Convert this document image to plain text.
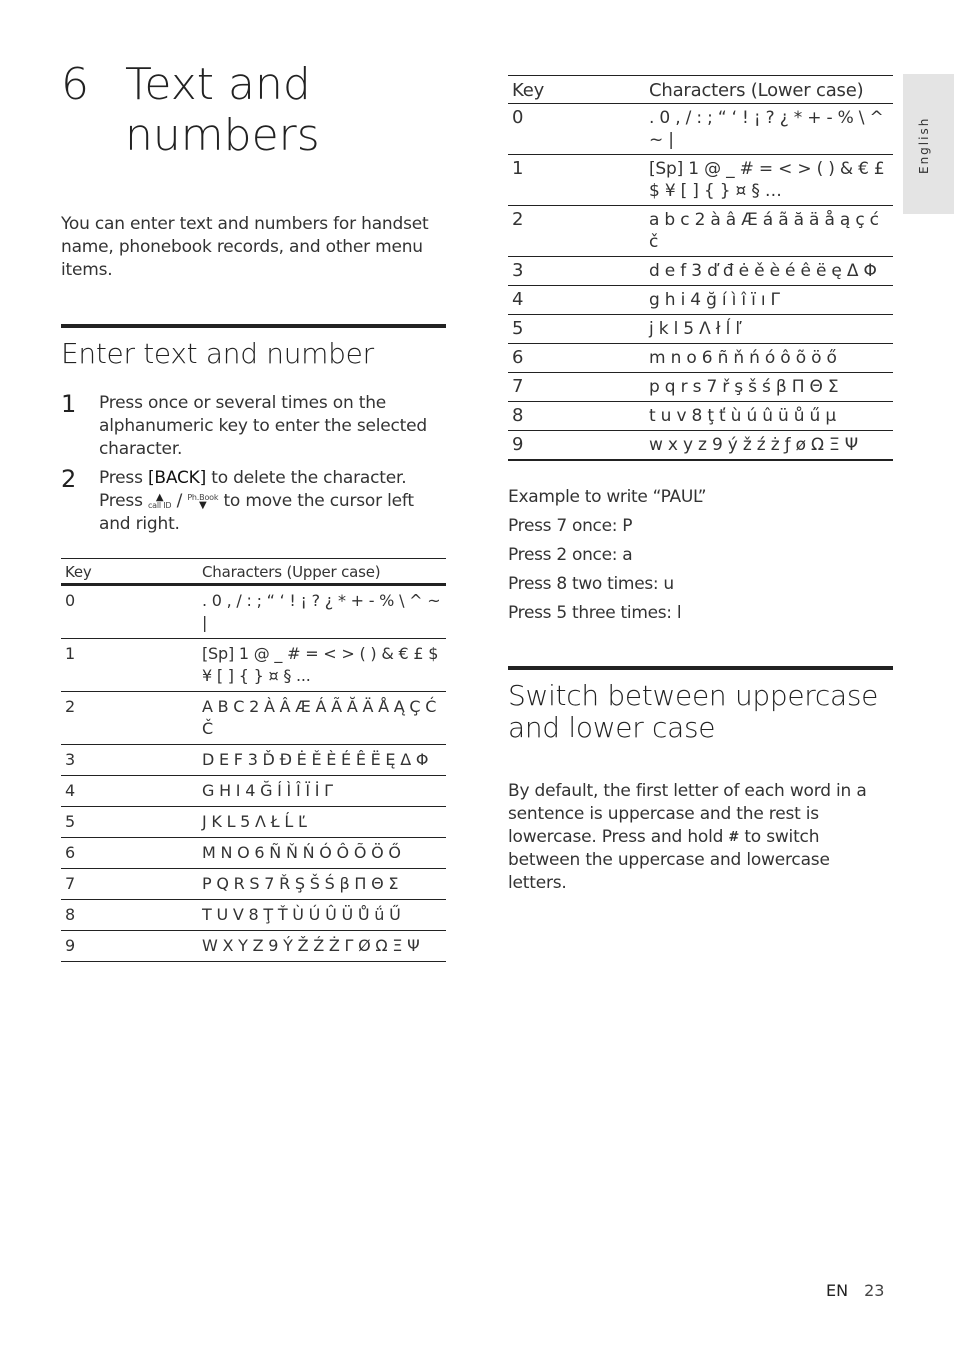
6 Text and numbers

You can enter text and numbers for handset name, phonebook records, and other menu items.

Enter text and number
1	Press once or several times on the alphanumeric key to enter the selected character.
2	Press [BACK] to delete the character. Press ▲
call ID / Ph.Book
▼ to move the cursor left and right.
Key	Characters (Upper case)
0	. 0 , / : ; “ ‘ ! ¡ ? ¿ * + - % \ ^ ~ |
1	[Sp] 1 @ _ # = < > ( ) & € £ $ ¥ [ ] { } ¤ § ...
2	A B C 2 À Â Æ Á Ã Ă Ä Å Ą Ç Ć Č
3	D E F 3 Ď Đ Ė Ě È É Ê Ë Ę Δ Φ
4	G H I 4 Ğ Í Ì Î Ï İ Γ
5	J K L 5 Λ Ł Ĺ Ľ
6	M N O 6 Ñ Ň Ń Ó Ô Õ Ö Ő
7	P Q R S 7 Ř Ş Š Ś β Π Θ Σ
8	T U V 8 Ţ Ť Ù Ú Û Ü Ů ǘ Ű
9	W X Y Z 9 Ý Ž Ź Ż Γ Ø Ω Ξ Ψ
Key	Characters (Lower case)
0	. 0 , / : ; “ ‘ ! ¡ ? ¿ * + - % \ ^ ~ |
1	[Sp] 1 @ _ # = < > ( ) & € £ $ ¥ [ ] { } ¤ § …
2	a b c 2 à â Æ á ã ă ä å ą ç ć č
3	d e f 3 ď đ ė ě è é ê ë ę Δ Φ
4	g h i 4 ğ í ì î ï ı Γ
5	j k l 5 Λ ł ĺ ľ
6	m n o 6 ñ ň ń ó ô õ ö ő
7	p q r s 7 ř ş š ś β Π Θ Σ
8	t u v 8 ţ ť ù ú û ü ů ű µ
9	w x y z 9 ý ž ź ż ƒ ø Ω Ξ Ψ
Example to write “PAUL”
Press 7 once: P
Press 2 once: a
Press 8 two times: u
Press 5 three times: l
Switch between uppercase and lower case

By default, the first letter of each word in a sentence is uppercase and the rest is lowercase. Press and hold # to switch between the uppercase and lowercase letters.

English
EN 23
